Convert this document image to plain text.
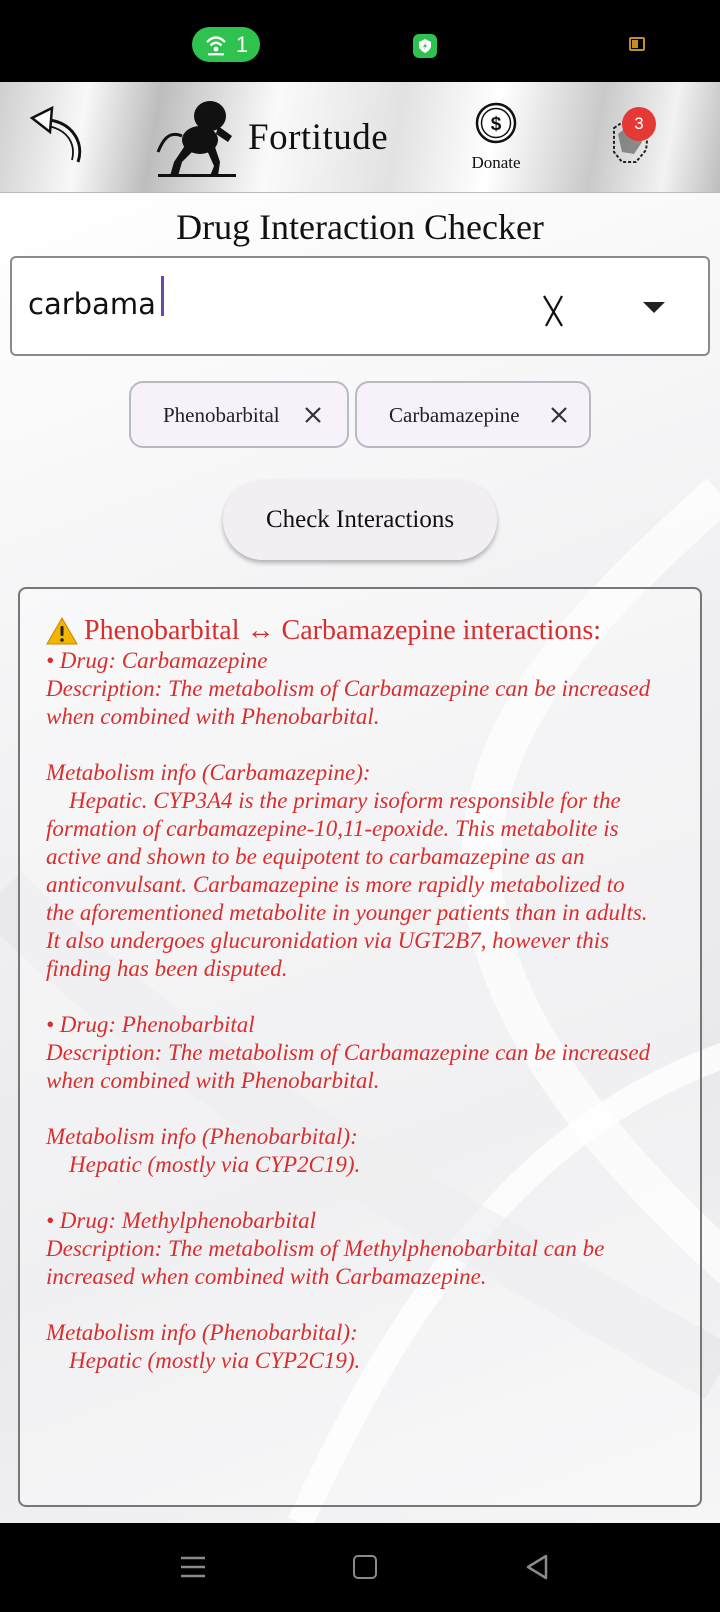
1
Fortitude	$
Donate
3
Drug Interaction Checker
carbama
Phenobarbital	Carbamazepine
Check Interactions
Phenobarbital ↔ Carbamazepine interactions:
• Drug: Carbamazepine
Description: The metabolism of Carbamazepine can be increased
when combined with Phenobarbital.
Metabolism info (Carbamazepine):
Hepatic. CYP3A4 is the primary isoform responsible for the
formation of carbamazepine-10,11-epoxide. This metabolite is
active and shown to be equipotent to carbamazepine as an
anticonvulsant. Carbamazepine is more rapidly metabolized to
the aforementioned metabolite in younger patients than in adults.
It also undergoes glucuronidation via UGT2B7, however this
finding has been disputed.
• Drug: Phenobarbital
Description: The metabolism of Carbamazepine can be increased
when combined with Phenobarbital.
Metabolism info (Phenobarbital):
Hepatic (mostly via CYP2C19).
• Drug: Methylphenobarbital
Description: The metabolism of Methylphenobarbital can be
increased when combined with Carbamazepine.
Metabolism info (Phenobarbital):
Hepatic (mostly via CYP2C19).
